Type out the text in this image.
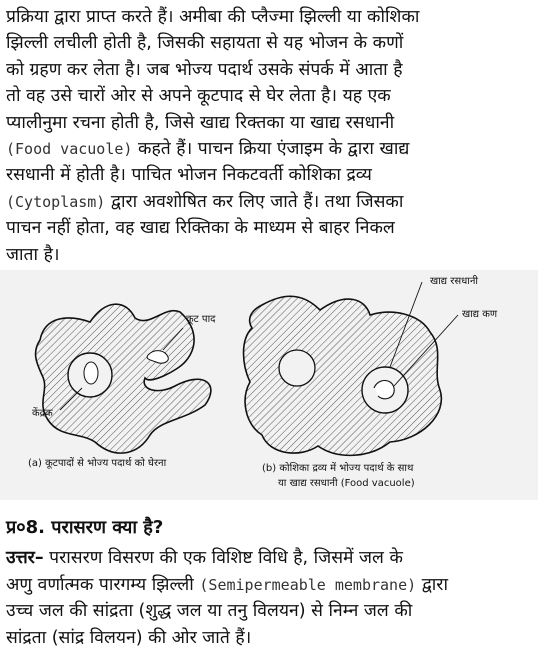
प्रक्रिया द्वारा प्राप्त करते हैं। अमीबा की प्लैज्मा झिल्ली या कोशिका
झिल्ली लचीली होती है, जिसकी सहायता से यह भोजन के कणों
को ग्रहण कर लेता है। जब भोज्य पदार्थ उसके संपर्क में आता है
तो वह उसे चारों ओर से अपने कूटपाद से घेर लेता है। यह एक
प्यालीनुमा रचना होती है, जिसे खाद्य रिक्तका या खाद्य रसधानी
(Food vacuole) कहते हैं। पाचन क्रिया एंजाइम के द्वारा खाद्य
रसधानी में होती है। पाचित भोजन निकटवर्ती कोशिका द्रव्य
(Cytoplasm) द्वारा अवशोषित कर लिए जाते हैं। तथा जिसका
पाचन नहीं होता, वह खाद्य रिक्तिका के माध्यम से बाहर निकल
जाता है।
कूट पाद
केंद्रक
(a) कूटपादों से भोज्य पदार्थ को घेरना
खाद्य रसधानी
खाद्य कण
(b) कोशिका द्रव्य में भोज्य पदार्थ के साथ
या खाद्य रसधानी (Food vacuole)
प्र०8. परासरण क्या है?
उत्तर– परासरण विसरण की एक विशिष्ट विधि है, जिसमें जल के
अणु वर्णात्मक पारगम्य झिल्ली (Semipermeable membrane) द्वारा
उच्च जल की सांद्रता (शुद्ध जल या तनु विलयन) से निम्न जल की
सांद्रता (सांद्र विलयन) की ओर जाते हैं।
